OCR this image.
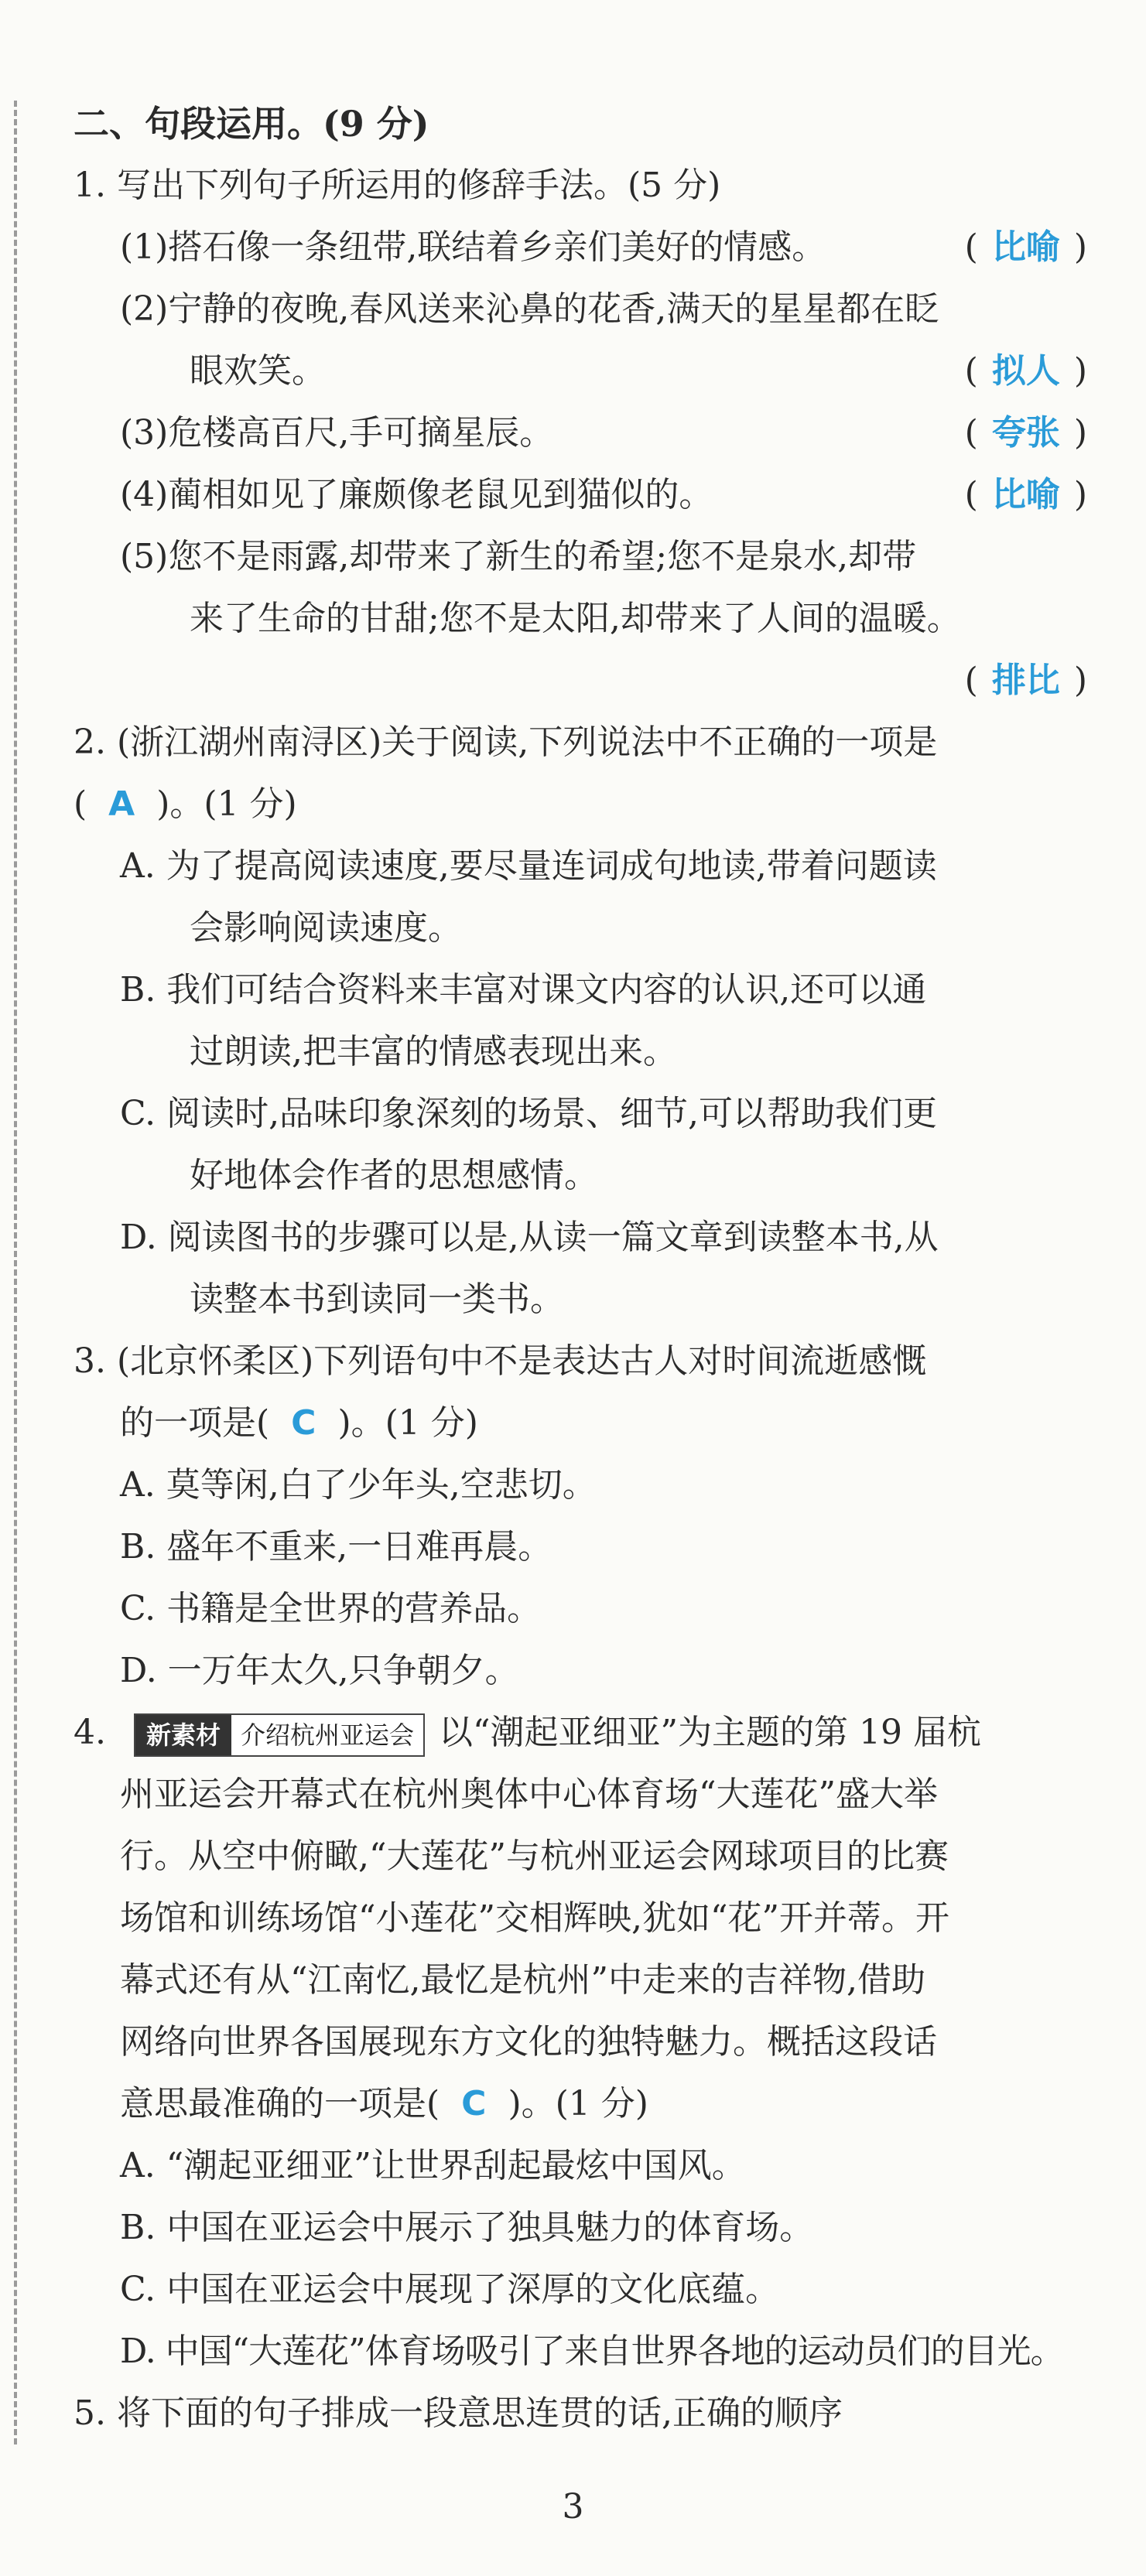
二、句段运用。(9 分)
1. 写出下列句子所运用的修辞手法。(5 分)
(1)搭石像一条纽带,联结着乡亲们美好的情感。	( 比喻 )
(2)宁静的夜晚,春风送来沁鼻的花香,满天的星星都在眨
眼欢笑。	( 拟人 )
(3)危楼高百尺,手可摘星辰。	( 夸张 )
(4)蔺相如见了廉颇像老鼠见到猫似的。	( 比喻 )
(5)您不是雨露,却带来了新生的希望;您不是泉水,却带
来了生命的甘甜;您不是太阳,却带来了人间的温暖。
( 排比 )
2. (浙江湖州南浔区)关于阅读,下列说法中不正确的一项是
( A )。(1 分)
A. 为了提高阅读速度,要尽量连词成句地读,带着问题读
会影响阅读速度。
B. 我们可结合资料来丰富对课文内容的认识,还可以通
过朗读,把丰富的情感表现出来。
C. 阅读时,品味印象深刻的场景、细节,可以帮助我们更
好地体会作者的思想感情。
D. 阅读图书的步骤可以是,从读一篇文章到读整本书,从
读整本书到读同一类书。
3. (北京怀柔区)下列语句中不是表达古人对时间流逝感慨
的一项是( C )。(1 分)
A. 莫等闲,白了少年头,空悲切。
B. 盛年不重来,一日难再晨。
C. 书籍是全世界的营养品。
D. 一万年太久,只争朝夕。
4.	新素材 介绍杭州亚运会 以“潮起亚细亚”为主题的第 19 届杭
州亚运会开幕式在杭州奥体中心体育场“大莲花”盛大举
行。从空中俯瞰,“大莲花”与杭州亚运会网球项目的比赛
场馆和训练场馆“小莲花”交相辉映,犹如“花”开并蒂。开
幕式还有从“江南忆,最忆是杭州”中走来的吉祥物,借助
网络向世界各国展现东方文化的独特魅力。概括这段话
意思最准确的一项是( C )。(1 分)
A. “潮起亚细亚”让世界刮起最炫中国风。
B. 中国在亚运会中展示了独具魅力的体育场。
C. 中国在亚运会中展现了深厚的文化底蕴。
D. 中国“大莲花”体育场吸引了来自世界各地的运动员们的目光。
5. 将下面的句子排成一段意思连贯的话,正确的顺序
3
